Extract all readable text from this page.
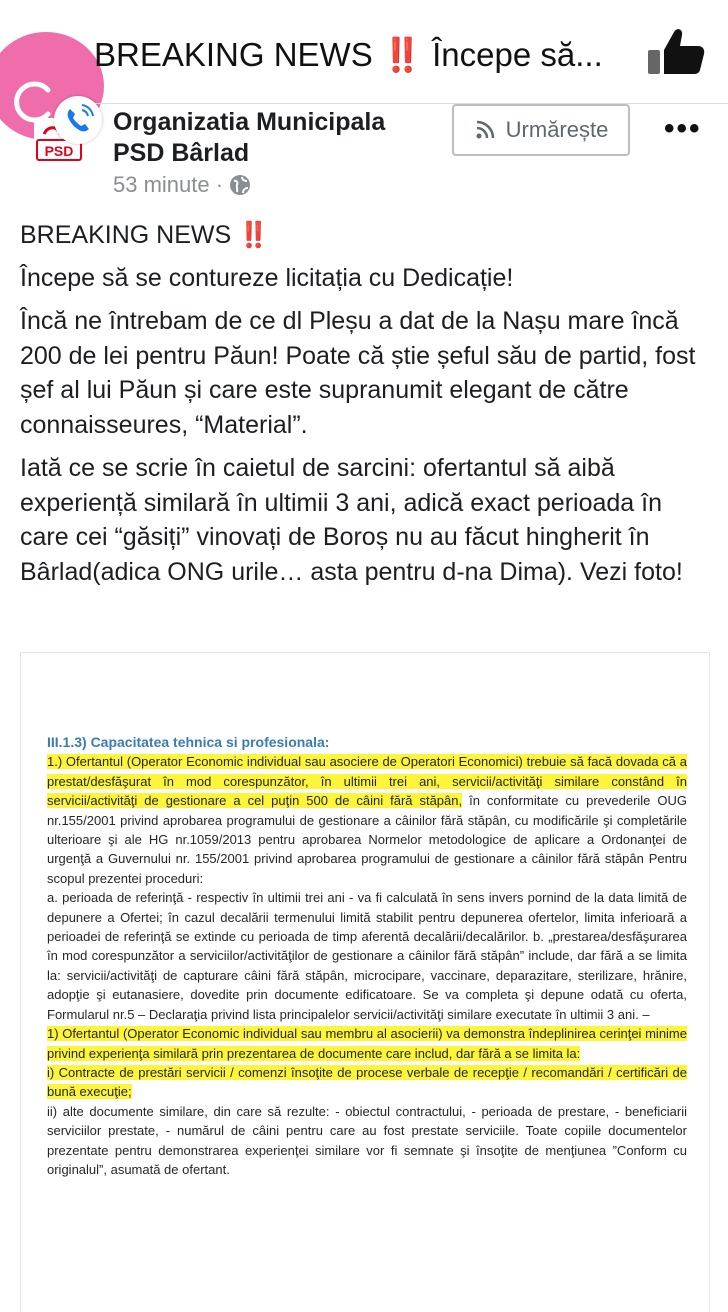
BREAKING NEWS ‼️ Începe să...
PSD
Organizatia Municipala PSD Bârlad
53 minute ·
Urmărește •••

BREAKING NEWS ‼️

Începe să se contureze licitația cu Dedicație!

Încă ne întrebam de ce dl Pleșu a dat de la Nașu mare încă 200 de lei pentru Păun! Poate că știe șeful său de partid, fost șef al lui Păun și care este supranumit elegant de către connaisseures, “Material”.

Iată ce se scrie în caietul de sarcini: ofertantul să aibă experiență similară în ultimii 3 ani, adică exact perioada în care cei “găsiți” vinovați de Boroș nu au făcut hingherit în Bârlad(adica ONG urile… asta pentru d-na Dima). Vezi foto!

III.1.3) Capacitatea tehnica si profesionala:

1.) Ofertantul (Operator Economic individual sau asociere de Operatori Economici) trebuie să facă dovada că a prestat/desfăşurat în mod corespunzător, în ultimii trei ani, servicii/activităţi similare constând în servicii/activităţi de gestionare a cel puţin 500 de câini fără stăpân, în conformitate cu prevederile OUG nr.155/2001 privind aprobarea programului de gestionare a câinilor fără stăpân, cu modificările şi completările ulterioare şi ale HG nr.1059/2013 pentru aprobarea Normelor metodologice de aplicare a Ordonanţei de urgenţă a Guvernului nr. 155/2001 privind aprobarea programului de gestionare a câinilor fără stăpân Pentru scopul prezentei proceduri:

a. perioada de referinţă - respectiv în ultimii trei ani - va fi calculată în sens invers pornind de la data limită de depunere a Ofertei; în cazul decalării termenului limită stabilit pentru depunerea ofertelor, limita inferioară a perioadei de referinţă se extinde cu perioada de timp aferentă decalării/decalărilor. b. „prestarea/desfăşurarea în mod corespunzător a serviciilor/activităţilor de gestionare a câinilor fără stăpân” include, dar fără a se limita la: servicii/activităţi de capturare câini fără stăpân, microcipare, vaccinare, deparazitare, sterilizare, hrănire, adopţie şi eutanasiere, dovedite prin documente edificatoare. Se va completa şi depune odată cu oferta, Formularul nr.5 – Declaraţia privind lista principalelor servicii/activităţi similare executate în ultimii 3 ani. –

1) Ofertantul (Operator Economic individual sau membru al asocierii) va demonstra îndeplinirea cerinţei minime privind experienţa similară prin prezentarea de documente care includ, dar fără a se limita la:

i) Contracte de prestări servicii / comenzi însoţite de procese verbale de recepţie / recomandări / certificări de bună execuţie;

ii) alte documente similare, din care să rezulte: - obiectul contractului, - perioada de prestare, - beneficiarii serviciilor prestate, - numărul de câini pentru care au fost prestate serviciile. Toate copiile documentelor prezentate pentru demonstrarea experienţei similare vor fi semnate şi însoţite de menţiunea ”Conform cu originalul”, asumată de ofertant.
